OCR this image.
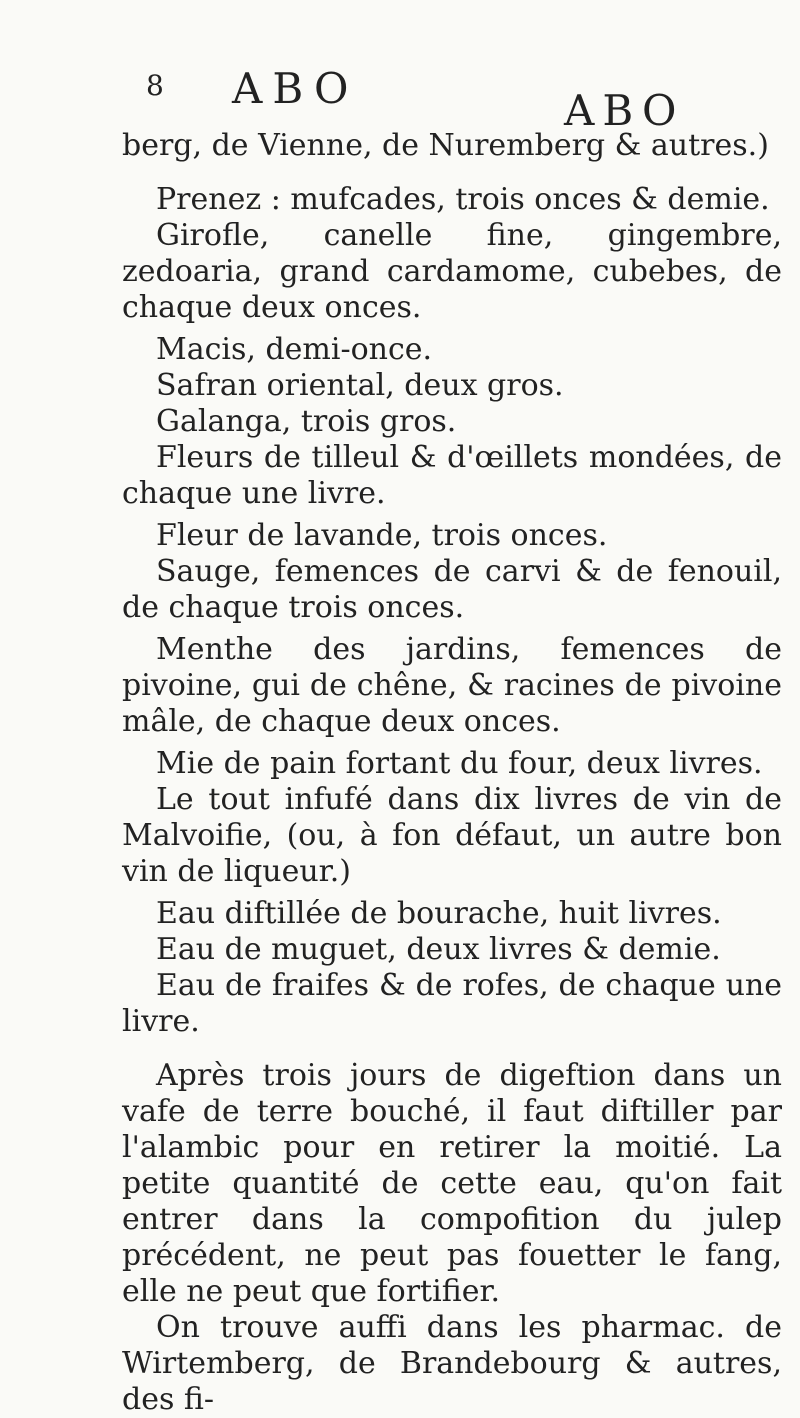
8 ABO	ABO

berg, de Vienne, de Nuremberg & autres.)

Prenez : mufcades, trois onces & demie.

Girofle, canelle fine, gingembre, zedoaria, grand cardamome, cubebes, de chaque deux onces.

Macis, demi-once.

Safran oriental, deux gros.

Galanga, trois gros.

Fleurs de tilleul & d'œillets mondées, de chaque une livre.

Fleur de lavande, trois onces.

Sauge, femences de carvi & de fenouil, de chaque trois onces.

Menthe des jardins, femences de pivoine, gui de chêne, & racines de pivoine mâle, de chaque deux onces.

Mie de pain fortant du four, deux livres.

Le tout infufé dans dix livres de vin de Malvoifie, (ou, à fon défaut, un autre bon vin de liqueur.)

Eau diftillée de bourache, huit livres.

Eau de muguet, deux livres & demie.

Eau de fraifes & de rofes, de chaque une livre.

Après trois jours de digeftion dans un vafe de terre bouché, il faut diftiller par l'alambic pour en retirer la moitié. La petite quantité de cette eau, qu'on fait entrer dans la compofition du julep précédent, ne peut pas fouetter le fang, elle ne peut que fortifier.

On trouve auffi dans les pharmac. de Wirtemberg, de Brandebourg & autres, des fi-
